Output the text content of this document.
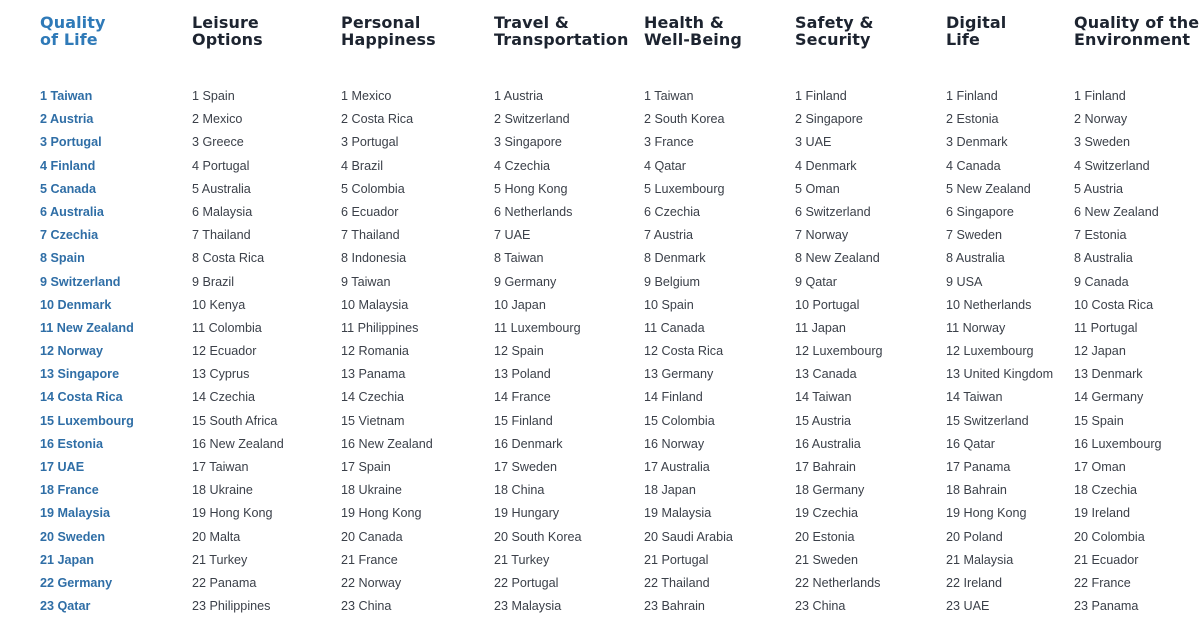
Quality
of Life
1 Taiwan
2 Austria
3 Portugal
4 Finland
5 Canada
6 Australia
7 Czechia
8 Spain
9 Switzerland
10 Denmark
11 New Zealand
12 Norway
13 Singapore
14 Costa Rica
15 Luxembourg
16 Estonia
17 UAE
18 France
19 Malaysia
20 Sweden
21 Japan
22 Germany
23 Qatar
Leisure
Options
1 Spain
2 Mexico
3 Greece
4 Portugal
5 Australia
6 Malaysia
7 Thailand
8 Costa Rica
9 Brazil
10 Kenya
11 Colombia
12 Ecuador
13 Cyprus
14 Czechia
15 South Africa
16 New Zealand
17 Taiwan
18 Ukraine
19 Hong Kong
20 Malta
21 Turkey
22 Panama
23 Philippines
Personal
Happiness
1 Mexico
2 Costa Rica
3 Portugal
4 Brazil
5 Colombia
6 Ecuador
7 Thailand
8 Indonesia
9 Taiwan
10 Malaysia
11 Philippines
12 Romania
13 Panama
14 Czechia
15 Vietnam
16 New Zealand
17 Spain
18 Ukraine
19 Hong Kong
20 Canada
21 France
22 Norway
23 China
Travel &
Transportation
1 Austria
2 Switzerland
3 Singapore
4 Czechia
5 Hong Kong
6 Netherlands
7 UAE
8 Taiwan
9 Germany
10 Japan
11 Luxembourg
12 Spain
13 Poland
14 France
15 Finland
16 Denmark
17 Sweden
18 China
19 Hungary
20 South Korea
21 Turkey
22 Portugal
23 Malaysia
Health &
Well-Being
1 Taiwan
2 South Korea
3 France
4 Qatar
5 Luxembourg
6 Czechia
7 Austria
8 Denmark
9 Belgium
10 Spain
11 Canada
12 Costa Rica
13 Germany
14 Finland
15 Colombia
16 Norway
17 Australia
18 Japan
19 Malaysia
20 Saudi Arabia
21 Portugal
22 Thailand
23 Bahrain
Safety &
Security
1 Finland
2 Singapore
3 UAE
4 Denmark
5 Oman
6 Switzerland
7 Norway
8 New Zealand
9 Qatar
10 Portugal
11 Japan
12 Luxembourg
13 Canada
14 Taiwan
15 Austria
16 Australia
17 Bahrain
18 Germany
19 Czechia
20 Estonia
21 Sweden
22 Netherlands
23 China
Digital
Life
1 Finland
2 Estonia
3 Denmark
4 Canada
5 New Zealand
6 Singapore
7 Sweden
8 Australia
9 USA
10 Netherlands
11 Norway
12 Luxembourg
13 United Kingdom
14 Taiwan
15 Switzerland
16 Qatar
17 Panama
18 Bahrain
19 Hong Kong
20 Poland
21 Malaysia
22 Ireland
23 UAE
Quality of the
Environment
1 Finland
2 Norway
3 Sweden
4 Switzerland
5 Austria
6 New Zealand
7 Estonia
8 Australia
9 Canada
10 Costa Rica
11 Portugal
12 Japan
13 Denmark
14 Germany
15 Spain
16 Luxembourg
17 Oman
18 Czechia
19 Ireland
20 Colombia
21 Ecuador
22 France
23 Panama
